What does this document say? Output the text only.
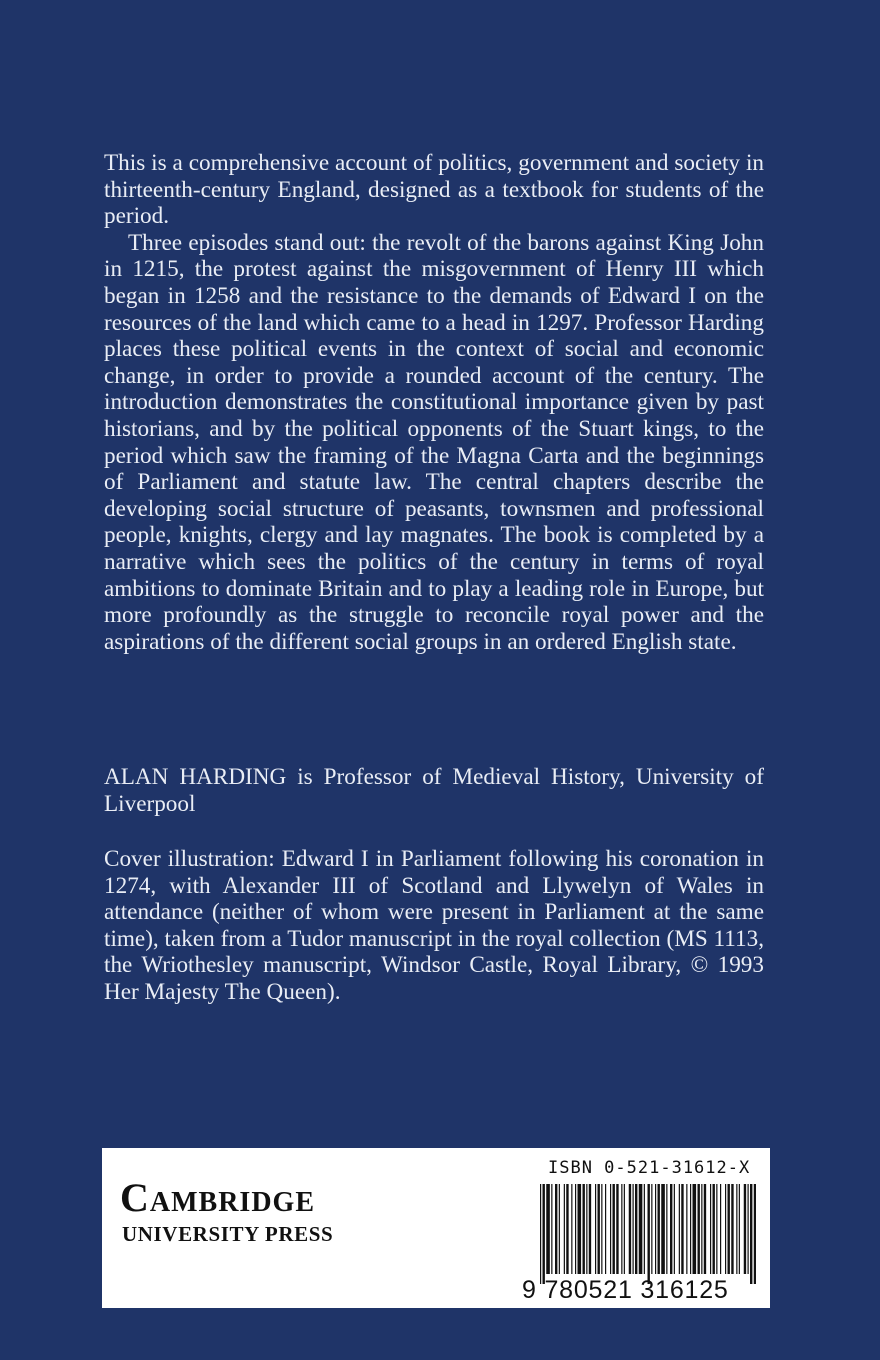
This is a comprehensive account of politics, government and society in thirteenth-century England, designed as a textbook for students of the period.

Three episodes stand out: the revolt of the barons against King John in 1215, the protest against the misgovernment of Henry III which began in 1258 and the resistance to the demands of Edward I on the resources of the land which came to a head in 1297. Professor Harding places these political events in the context of social and economic change, in order to provide a rounded account of the century. The introduction demonstrates the constitutional importance given by past historians, and by the political opponents of the Stuart kings, to the period which saw the framing of the Magna Carta and the beginnings of Parliament and statute law. The central chapters describe the developing social structure of peasants, townsmen and professional people, knights, clergy and lay magnates. The book is completed by a narrative which sees the politics of the century in terms of royal ambitions to dominate Britain and to play a leading role in Europe, but more profoundly as the struggle to reconcile royal power and the aspirations of the different social groups in an ordered English state.

ALAN HARDING is Professor of Medieval History, University of Liverpool

Cover illustration: Edward I in Parliament following his coronation in 1274, with Alexander III of Scotland and Llywelyn of Wales in attendance (neither of whom were present in Parliament at the same time), taken from a Tudor manuscript in the royal collection (MS 1113, the Wriothesley manuscript, Windsor Castle, Royal Library, © 1993 Her Majesty The Queen).

Cambridge
UNIVERSITY PRESS
ISBN 0-521-31612-X
9 780521 316125
